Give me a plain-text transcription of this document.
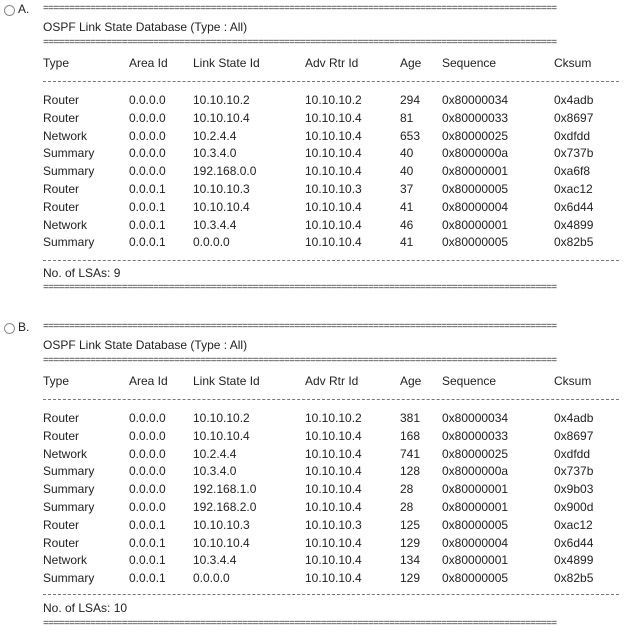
A. ==================================================================================================
OSPF Link State Database (Type : All)
==================================================================================================
Type	Area Id Link State Id	Adv Rtr Id	Age Sequence	Cksum
Router	0.0.0.0 10.10.10.2	10.10.10.2	294 0x80000034	0x4adb
Router	0.0.0.0 10.10.10.4	10.10.10.4	81 0x80000033	0x8697
Network	0.0.0.0 10.2.4.4	10.10.10.4	653 0x80000025	0xdfdd
Summary	0.0.0.0 10.3.4.0	10.10.10.4	40 0x8000000a	0x737b
Summary	0.0.0.0 192.168.0.0	10.10.10.4	40 0x80000001	0xa6f8
Router	0.0.0.1 10.10.10.3	10.10.10.3	37 0x80000005	0xac12
Router	0.0.0.1 10.10.10.4	10.10.10.4	41 0x80000004	0x6d44
Network	0.0.0.1 10.3.4.4	10.10.10.4	46 0x80000001	0x4899
Summary	0.0.0.1 0.0.0.0	10.10.10.4	41 0x80000005	0x82b5
No. of LSAs: 9
==================================================================================================
B. ==================================================================================================
OSPF Link State Database (Type : All)
==================================================================================================
Type	Area Id Link State Id	Adv Rtr Id	Age Sequence	Cksum
Router	0.0.0.0 10.10.10.2	10.10.10.2	381 0x80000034	0x4adb
Router	0.0.0.0 10.10.10.4	10.10.10.4	168 0x80000033	0x8697
Network	0.0.0.0 10.2.4.4	10.10.10.4	741 0x80000025	0xdfdd
Summary	0.0.0.0 10.3.4.0	10.10.10.4	128 0x8000000a	0x737b
Summary	0.0.0.0 192.168.1.0	10.10.10.4	28 0x80000001	0x9b03
Summary	0.0.0.0 192.168.2.0	10.10.10.4	28 0x80000001	0x900d
Router	0.0.0.1 10.10.10.3	10.10.10.3	125 0x80000005	0xac12
Router	0.0.0.1 10.10.10.4	10.10.10.4	129 0x80000004	0x6d44
Network	0.0.0.1 10.3.4.4	10.10.10.4	134 0x80000001	0x4899
Summary	0.0.0.1 0.0.0.0	10.10.10.4	129 0x80000005	0x82b5
No. of LSAs: 10
==================================================================================================
